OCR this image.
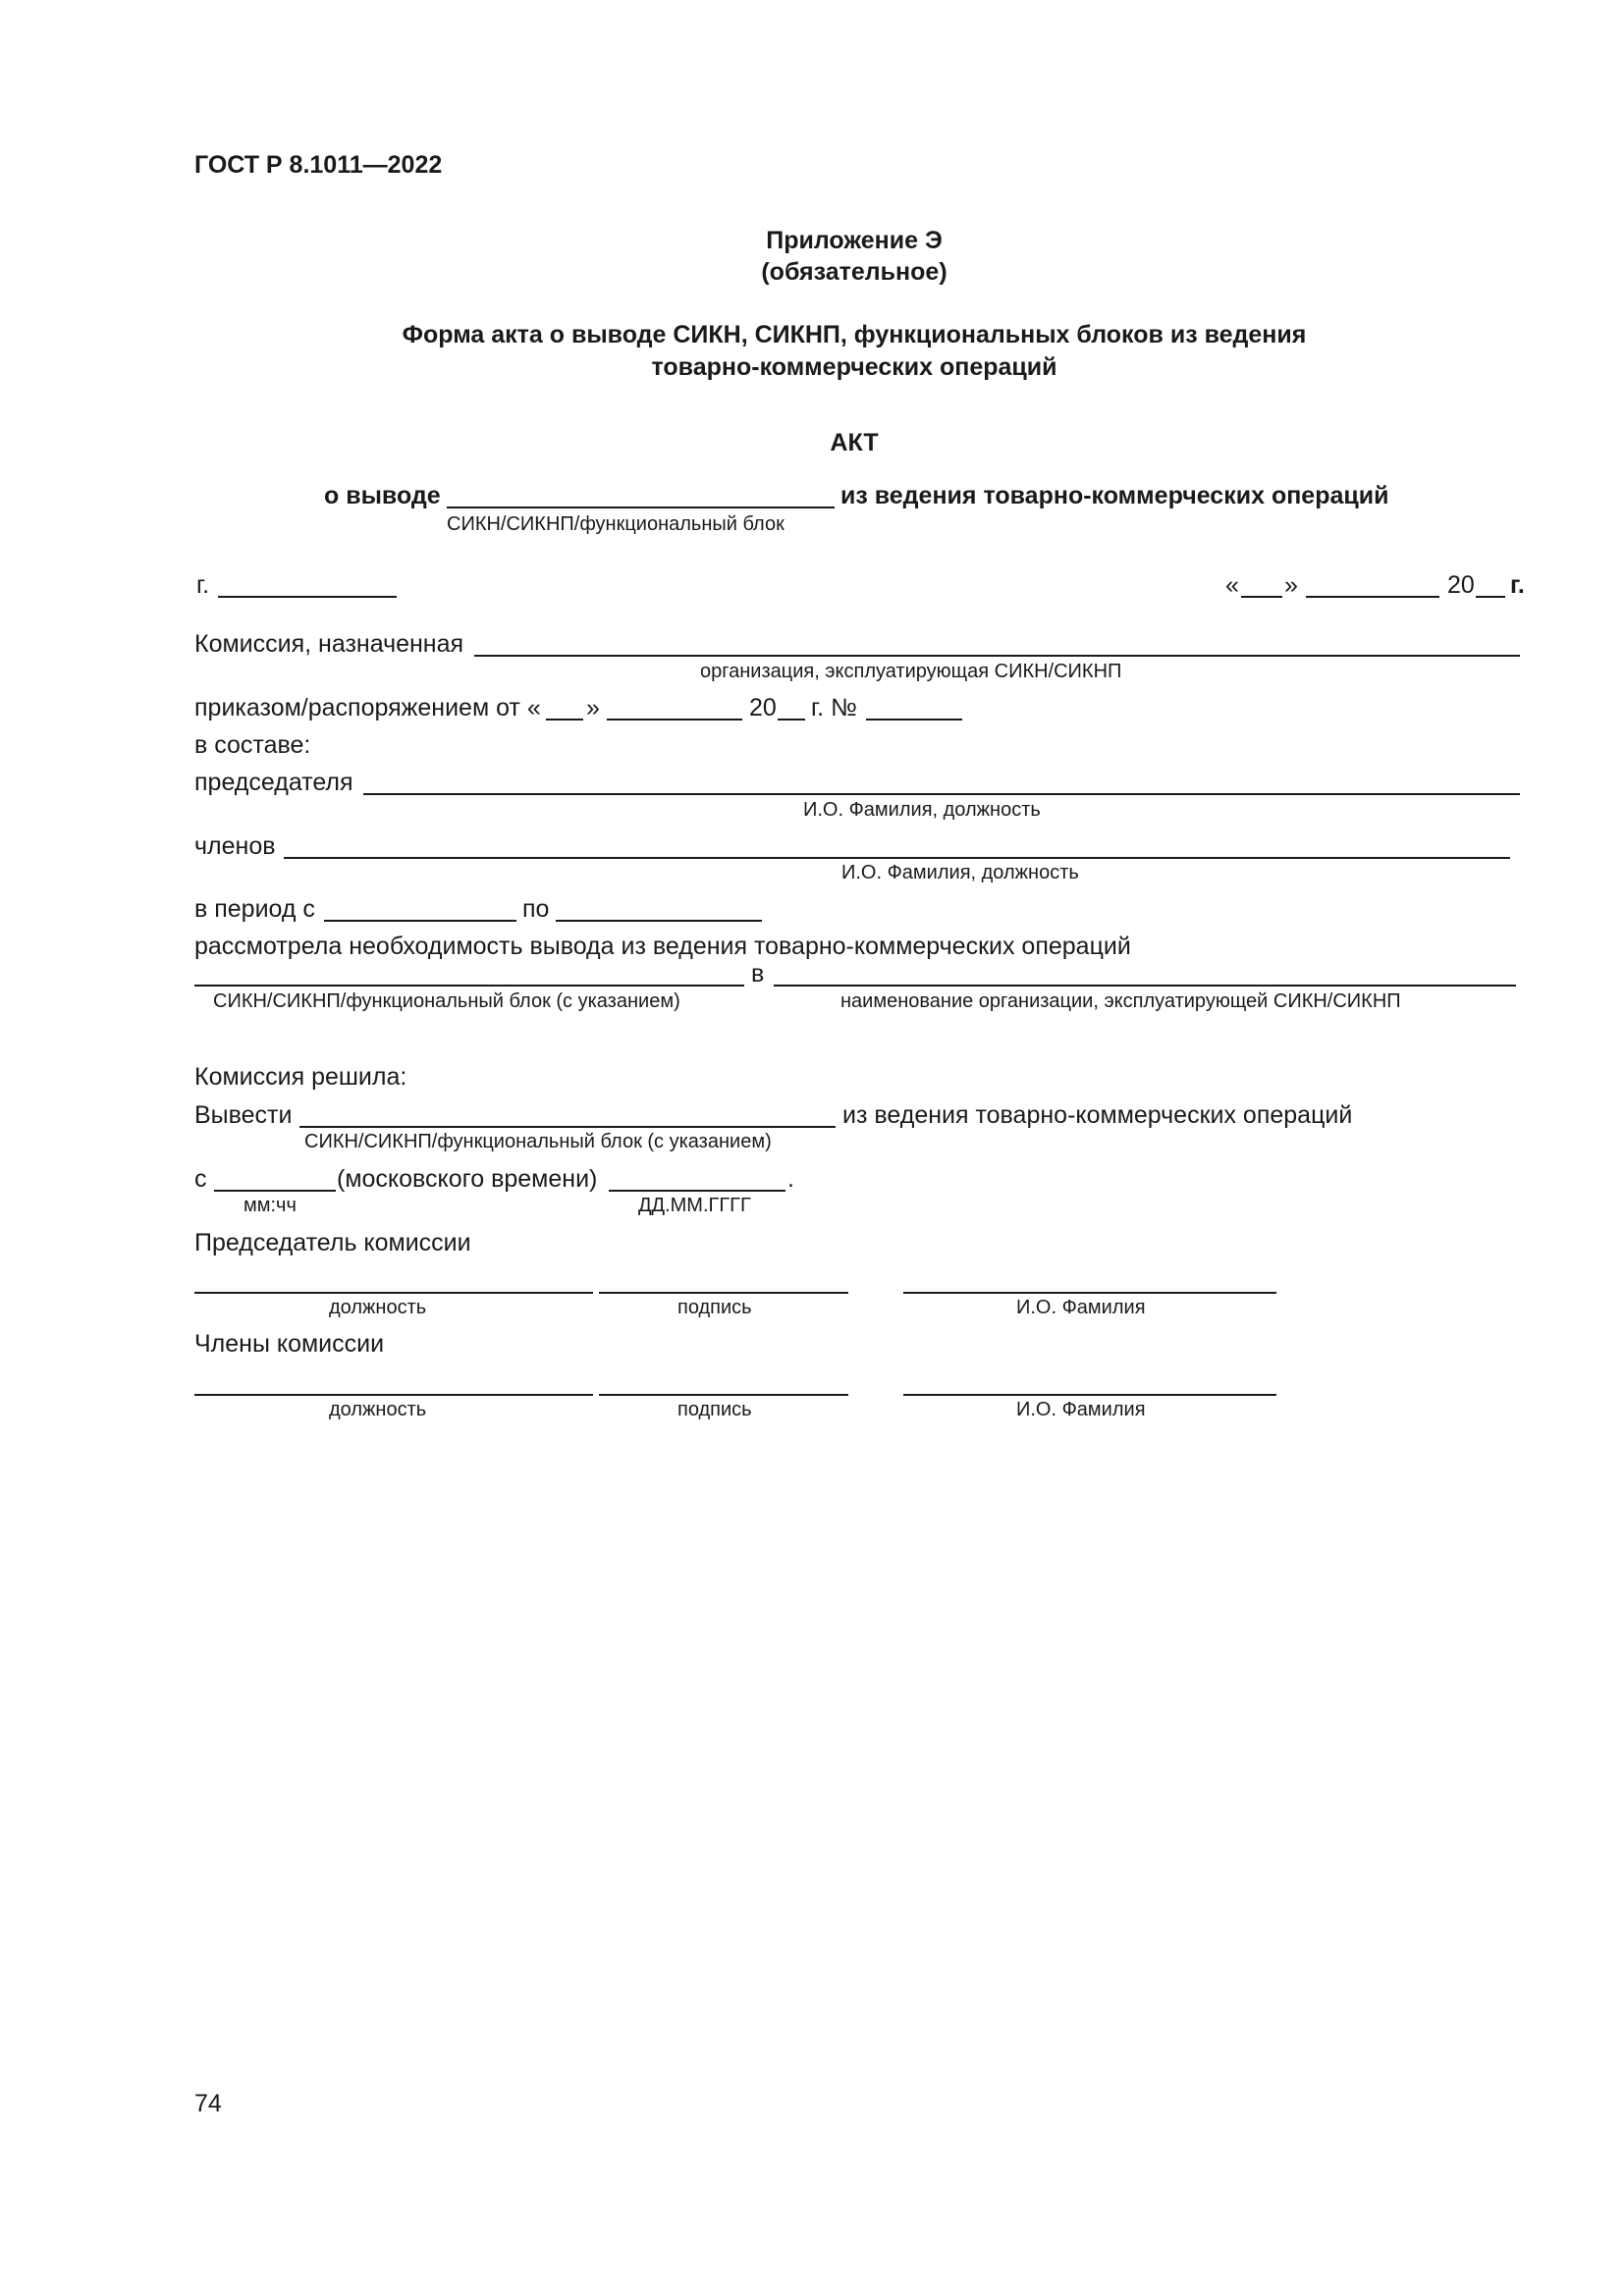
ГОСТ Р 8.1011—2022
Приложение Э
(обязательное)
Форма акта о выводе СИКН, СИКНП, функциональных блоков из ведения
товарно-коммерческих операций
АКТ
о выводе	из ведения товарно-коммерческих операций
СИКН/СИКНП/функциональный блок
г.	« »	20 г.
Комиссия, назначенная
организация, эксплуатирующая СИКН/СИКНП
приказом/распоряжением от « »	20 г. №
в составе:
председателя
И.О. Фамилия, должность
членов
И.О. Фамилия, должность
в период с	по
рассмотрела необходимость вывода из ведения товарно-коммерческих операций
в
СИКН/СИКНП/функциональный блок (с указанием)	наименование организации, эксплуатирующей СИКН/СИКНП
Комиссия решила:
Вывести	из ведения товарно-коммерческих операций
СИКН/СИКНП/функциональный блок (с указанием)
с	(московского времени)	.
мм:чч	ДД.ММ.ГГГГ
Председатель комиссии
должность	подпись	И.О. Фамилия
Члены комиссии
должность	подпись	И.О. Фамилия
74
